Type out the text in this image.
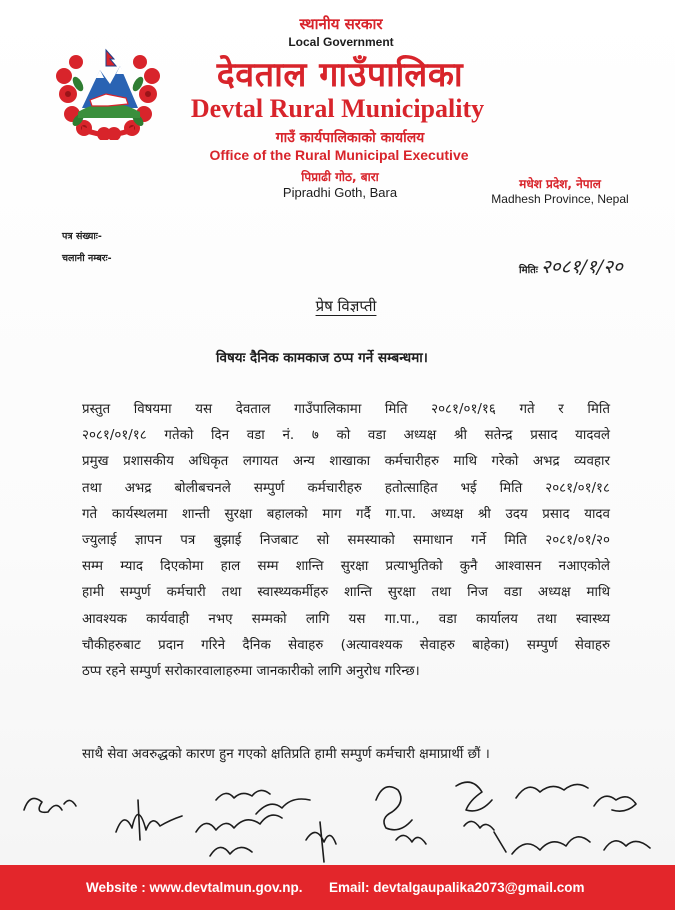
स्थानीय सरकार
Local Government
देवताल गाउँपालिका
Devtal Rural Municipality
गाउँ कार्यपालिकाको कार्यालय
Office of the Rural Municipal Executive
पिप्राढी गोठ, बारा
Pipradhi Goth, Bara
मधेश प्रदेश, नेपाल
Madhesh Province, Nepal
पत्र संख्याः-
चलानी नम्बरः-
मितिः २०८१/१/२०
प्रेष विज्ञप्ती
विषयः दैनिक कामकाज ठप्प गर्ने सम्बन्धमा।
प्रस्तुत विषयमा यस देवताल गाउँपालिकामा मिति २०८१/०१/१६ गते र मिति
२०८१/०१/१८ गतेको दिन वडा नं. ७ को वडा अध्यक्ष श्री सतेन्द्र प्रसाद यादवले
प्रमुख प्रशासकीय अधिकृत लगायत अन्य शाखाका कर्मचारीहरु माथि गरेको अभद्र व्यवहार
तथा अभद्र बोलीबचनले सम्पुर्ण कर्मचारीहरु हतोत्साहित भई मिति २०८१/०१/१८
गते कार्यस्थलमा शान्ती सुरक्षा बहालको माग गर्दै गा.पा. अध्यक्ष श्री उदय प्रसाद यादव
ज्युलाई ज्ञापन पत्र बुझाई निजबाट सो समस्याको समाधान गर्ने मिति २०८१/०१/२०
सम्म म्याद दिएकोमा हाल सम्म शान्ति सुरक्षा प्रत्याभुतिको कुनै आश्वासन नआएकोले
हामी सम्पुर्ण कर्मचारी तथा स्वास्थ्यकर्मीहरु शान्ति सुरक्षा तथा निज वडा अध्यक्ष माथि
आवश्यक कार्यवाही नभए सम्मको लागि यस गा.पा., वडा कार्यालय तथा स्वास्थ्य
चौकीहरुबाट प्रदान गरिने दैनिक सेवाहरु (अत्यावश्यक सेवाहरु बाहेका) सम्पुर्ण सेवाहरु
ठप्प रहने सम्पुर्ण सरोकारवालाहरुमा जानकारीको लागि अनुरोध गरिन्छ।
साथै सेवा अवरुद्धको कारण हुन गएको क्षतिप्रति हामी सम्पुर्ण कर्मचारी क्षमाप्रार्थी छौं ।
Website : www.devtalmun.gov.np. Email: devtalgaupalika2073@gmail.com
